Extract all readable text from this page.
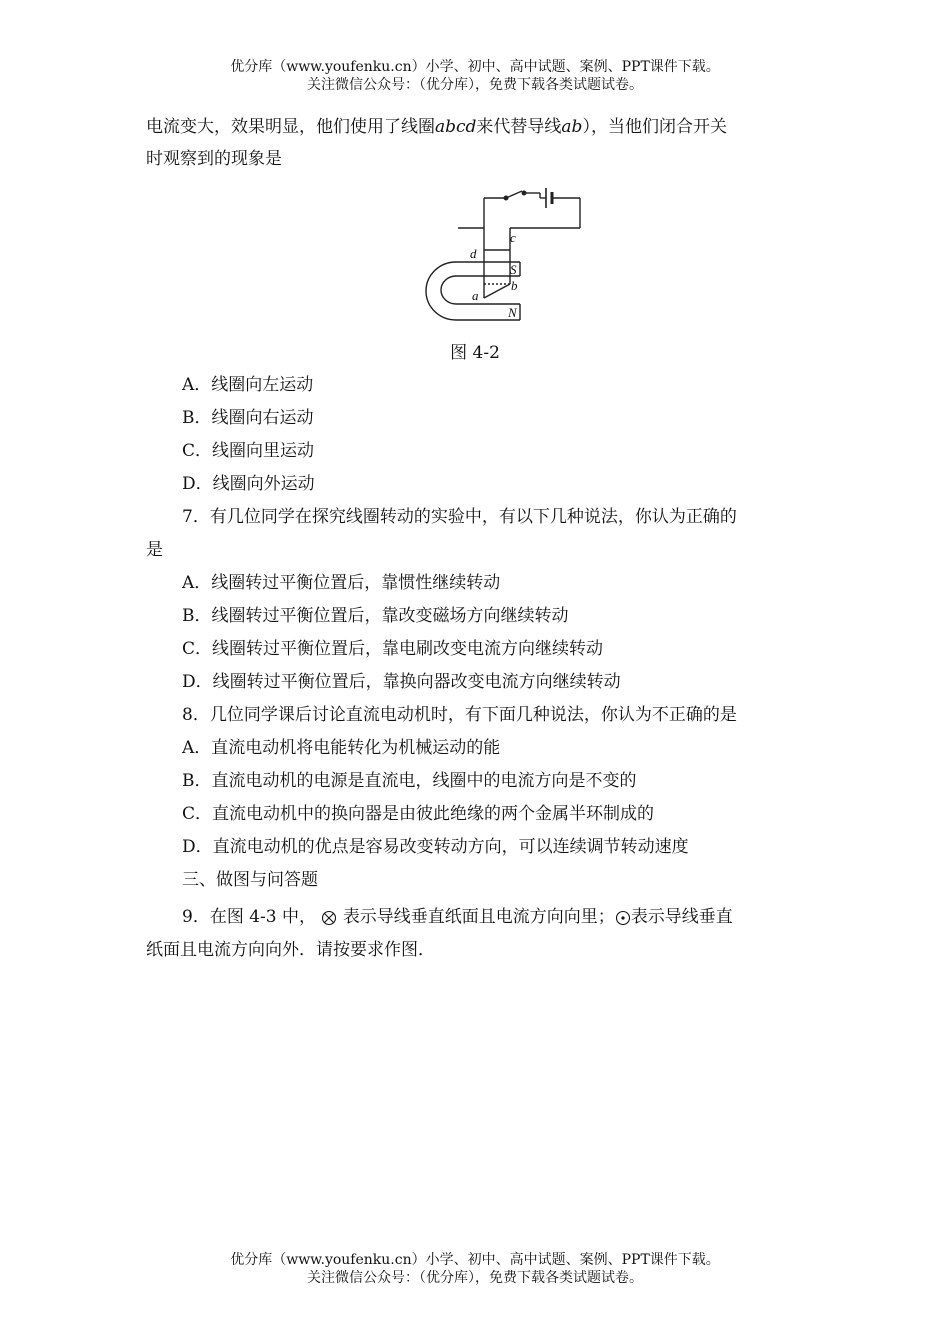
优分库（www.youfenku.cn）小学、初中、高中试题、案例、PPT课件下载。
关注微信公众号：（优分库），免费下载各类试题试卷。
电流变大，效果明显，他们使用了线圈abcd来代替导线ab），当他们闭合开关
时观察到的现象是
d
c
S
b
a
N
图 4-2
A．线圈向左运动
B．线圈向右运动
C．线圈向里运动
D．线圈向外运动
7．有几位同学在探究线圈转动的实验中，有以下几种说法，你认为正确的
是
A．线圈转过平衡位置后，靠惯性继续转动
B．线圈转过平衡位置后，靠改变磁场方向继续转动
C．线圈转过平衡位置后，靠电刷改变电流方向继续转动
D．线圈转过平衡位置后，靠换向器改变电流方向继续转动
8．几位同学课后讨论直流电动机时，有下面几种说法，你认为不正确的是
A．直流电动机将电能转化为机械运动的能
B．直流电动机的电源是直流电，线圈中的电流方向是不变的
C．直流电动机中的换向器是由彼此绝缘的两个金属半环制成的
D．直流电动机的优点是容易改变转动方向，可以连续调节转动速度
三、做图与问答题
9．在图 4-3 中， 表示导线垂直纸面且电流方向向里； 表示导线垂直
纸面且电流方向向外．请按要求作图．
优分库（www.youfenku.cn）小学、初中、高中试题、案例、PPT课件下载。
关注微信公众号：（优分库），免费下载各类试题试卷。
